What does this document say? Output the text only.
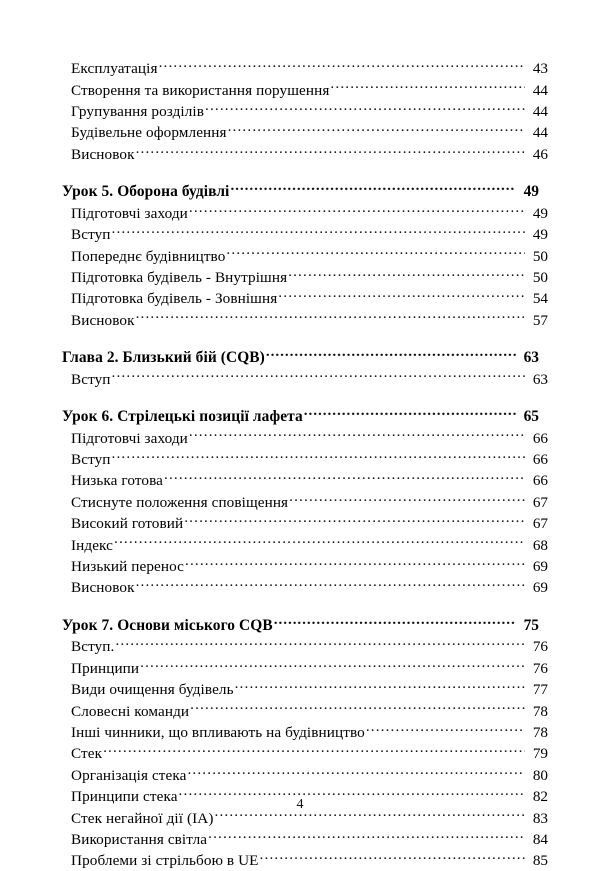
Експлуатація .....	43
Створення та використання порушення .....	44
Групування розділів .....	44
Будівельне оформлення .....	44
Висновок .....	46
Урок 5. Оборона будівлі .....	49
Підготовчі заходи .....	49
Вступ .....	49
Попереднє будівництво .....	50
Підготовка будівель - Внутрішня .....	50
Підготовка будівель - Зовнішня .....	54
Висновок .....	57
Глава 2. Близький бій (CQB) .....	63
Вступ .....	63
Урок 6. Стрілецькі позиції лафета .....	65
Підготовчі заходи .....	66
Вступ .....	66
Низька готова .....	66
Стиснуте положення сповіщення .....	67
Високий готовий .....	67
Індекс .....	68
Низький перенос .....	69
Висновок .....	69
Урок 7. Основи міського CQB .....	75
Вступ. .....	76
Принципи .....	76
Види очищення будівель .....	77
Словесні команди .....	78
Інші чинники, що впливають на будівництво .....	78
Стек .....	79
Організація стека .....	80
Принципи стека .....	82
Стек негайної дії (IA) .....	83
Використання світла .....	84
Проблеми зі стрільбою в UE .....	85
4
